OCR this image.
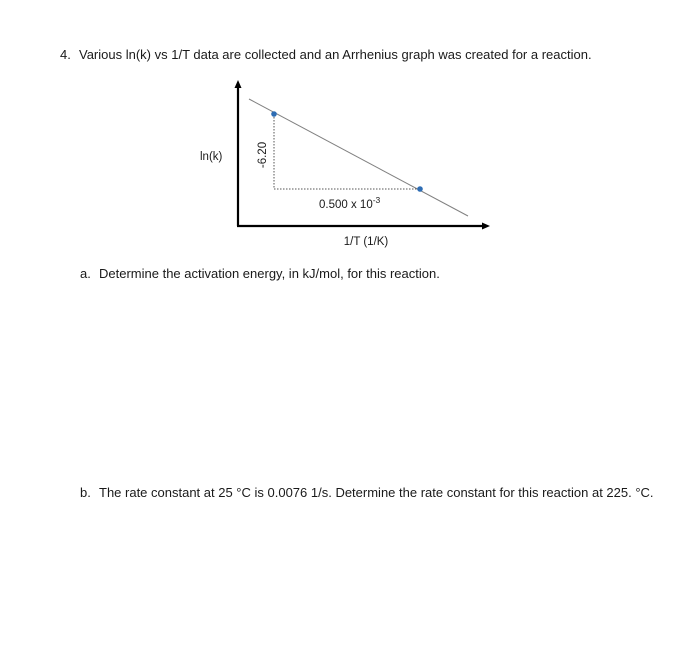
4. Various ln(k) vs 1/T data are collected and an Arrhenius graph was created for a reaction.
ln(k)	-6.20
0.500 x $10^{-3}$
1/T (1/K)
a. Determine the activation energy, in kJ/mol, for this reaction.
b. The rate constant at 25 °C is 0.0076 1/s. Determine the rate constant for this reaction at 225. °C.
